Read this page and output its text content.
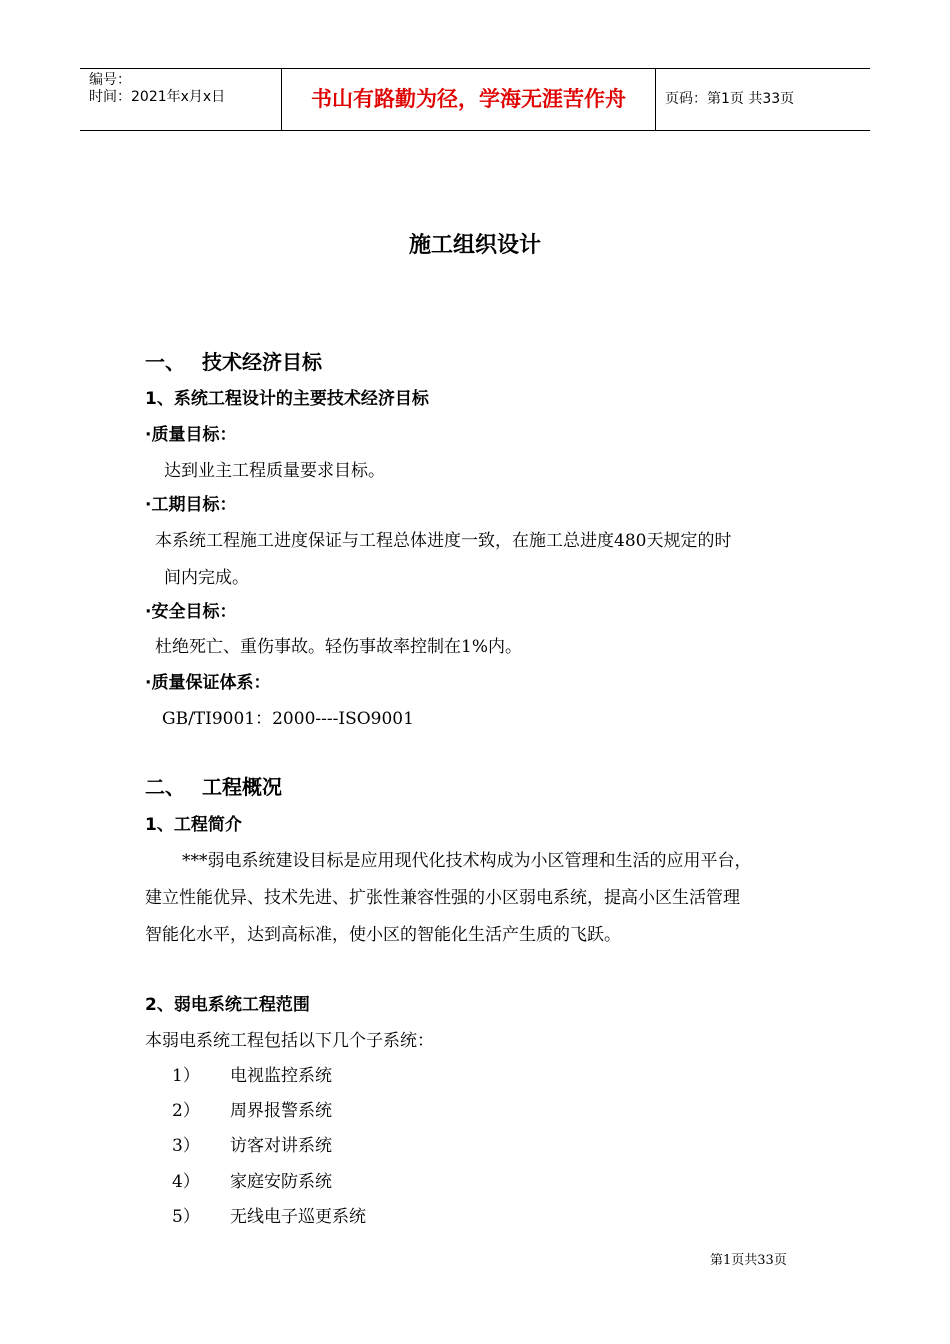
编号：
时间：2021年x月x日	书山有路勤为径，学海无涯苦作舟	页码：第1页 共33页
施工组织设计
一、 技术经济目标
1、系统工程设计的主要技术经济目标
·质量目标：
达到业主工程质量要求目标。
·工期目标：
本系统工程施工进度保证与工程总体进度一致，在施工总进度480天规定的时
间内完成。
·安全目标：
杜绝死亡、重伤事故。轻伤事故率控制在1%内。
·质量保证体系：
GB/TI9001：2000----ISO9001
二、 工程概况
1、工程简介
***弱电系统建设目标是应用现代化技术构成为小区管理和生活的应用平台，
建立性能优异、技术先进、扩张性兼容性强的小区弱电系统，提高小区生活管理
智能化水平，达到高标准，使小区的智能化生活产生质的飞跃。
2、弱电系统工程范围
本弱电系统工程包括以下几个子系统：
1） 电视监控系统
2） 周界报警系统
3） 访客对讲系统
4） 家庭安防系统
5） 无线电子巡更系统
第1页共33页
